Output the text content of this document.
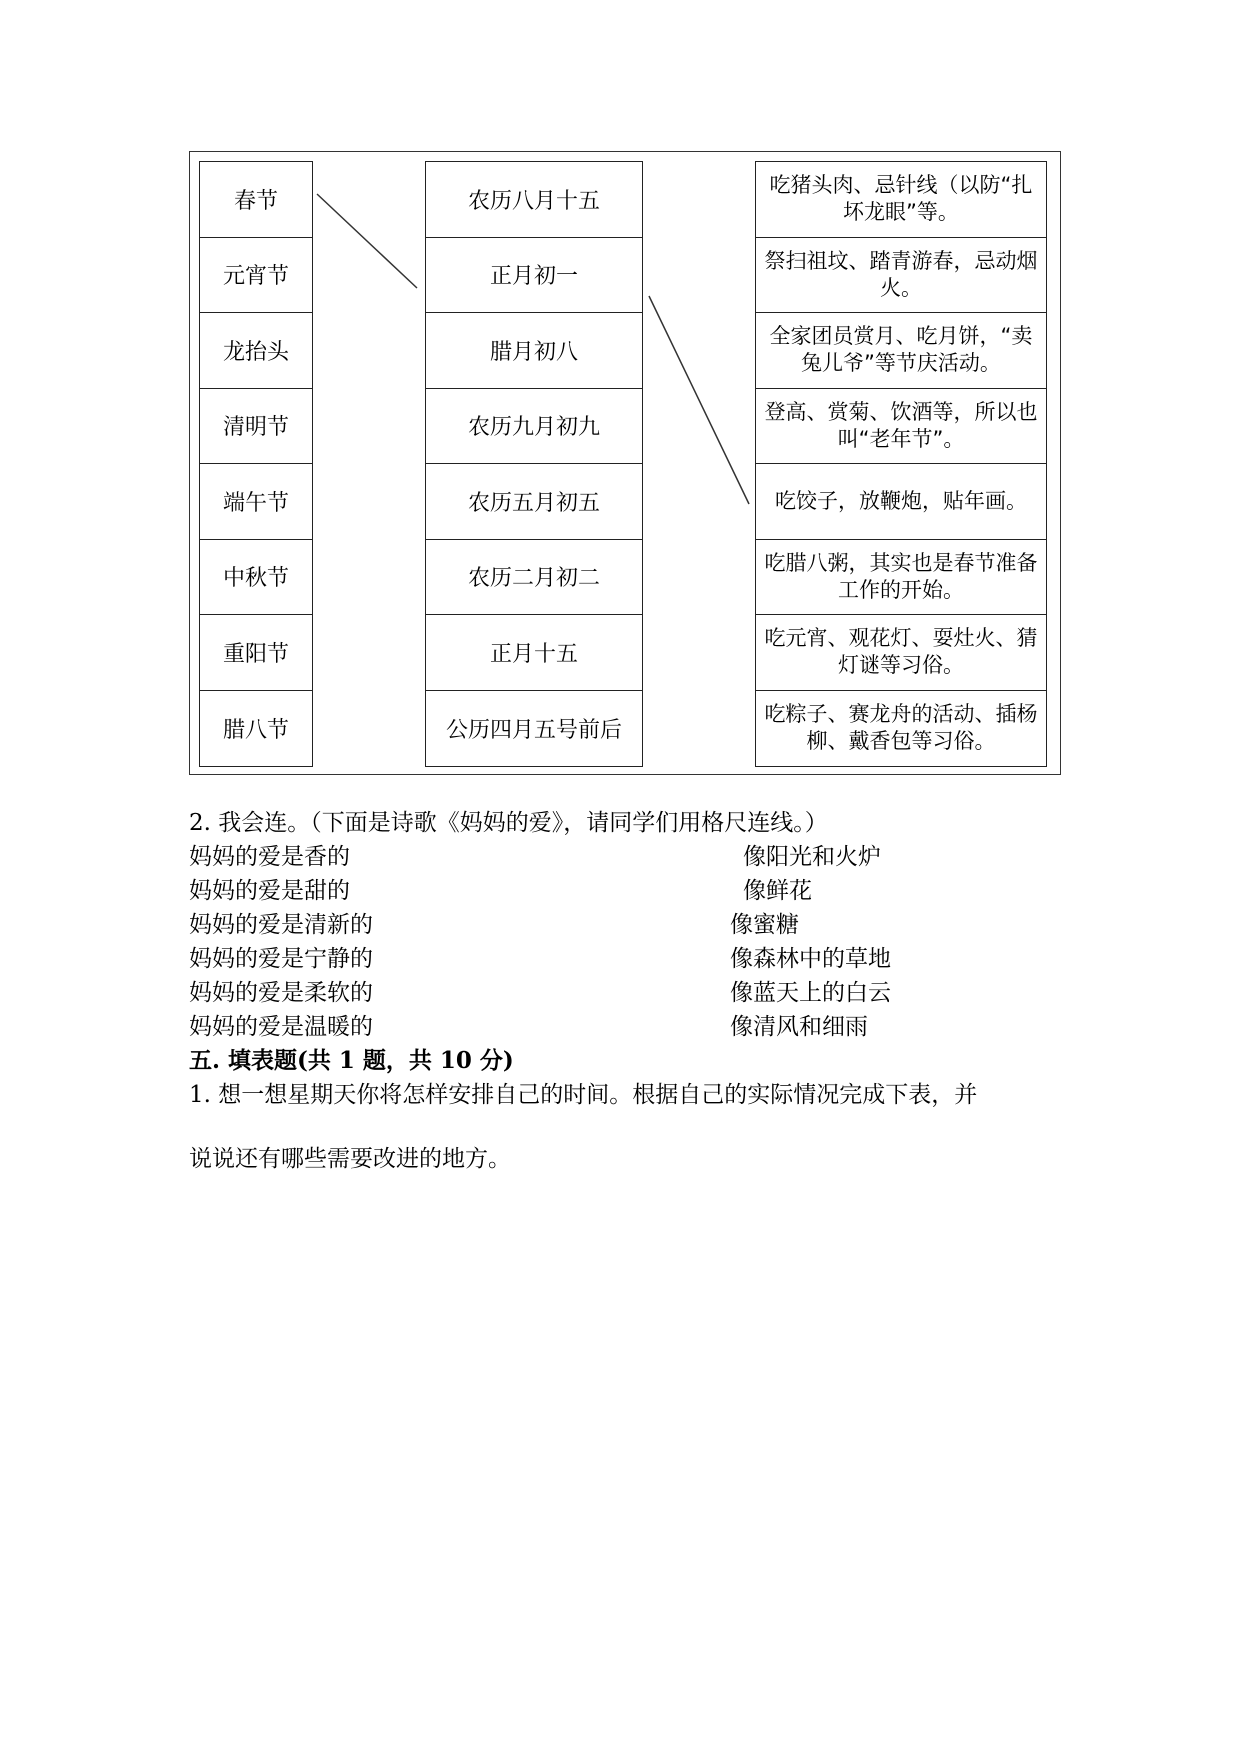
春节
元宵节
龙抬头
清明节
端午节
中秋节
重阳节
腊八节
农历八月十五
正月初一
腊月初八
农历九月初九
农历五月初五
农历二月初二
正月十五
公历四月五号前后
吃猪头肉、忌针线（以防“扎坏龙眼”等。
祭扫祖坟、踏青游春，忌动烟火。
全家团员赏月、吃月饼，“卖兔儿爷”等节庆活动。
登高、赏菊、饮酒等，所以也叫“老年节”。
吃饺子，放鞭炮，贴年画。
吃腊八粥，其实也是春节准备工作的开始。
吃元宵、观花灯、耍灶火、猜灯谜等习俗。
吃粽子、赛龙舟的活动、插杨柳、戴香包等习俗。
2. 我会连。（下面是诗歌《妈妈的爱》，请同学们用格尺连线。）
妈妈的爱是香的
妈妈的爱是甜的
妈妈的爱是清新的
妈妈的爱是宁静的
妈妈的爱是柔软的
妈妈的爱是温暖的
像阳光和火炉
像鲜花
像蜜糖
像森林中的草地
像蓝天上的白云
像清风和细雨
五. 填表题(共 1 题，共 10 分)
1. 想一想星期天你将怎样安排自己的时间。根据自己的实际情况完成下表，并
说说还有哪些需要改进的地方。
